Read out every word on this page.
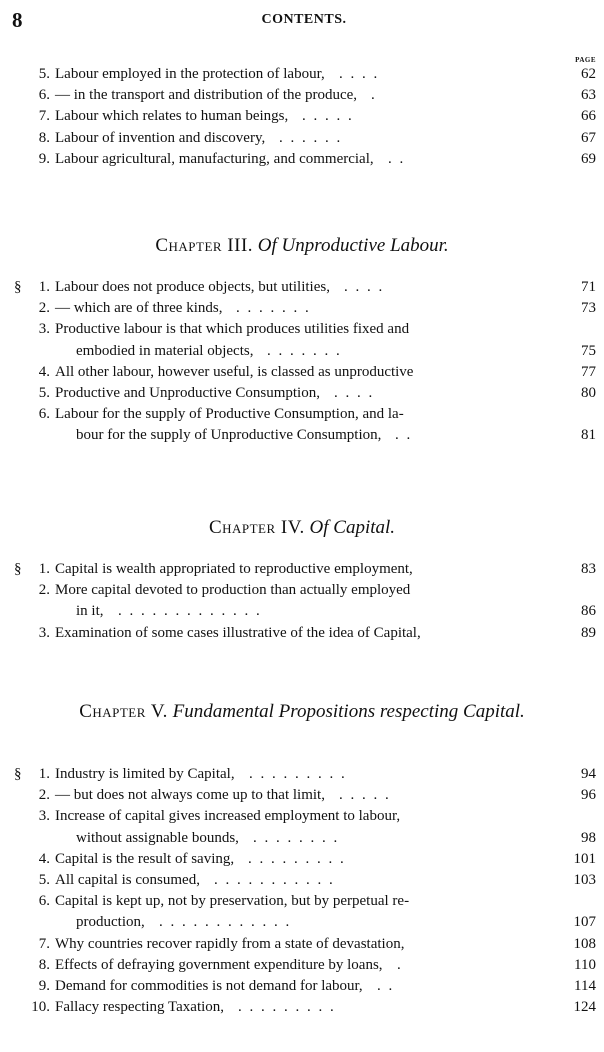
8	CONTENTS.
PAGE
5. Labour employed in the protection of labour, . . . .	62
6. — in the transport and distribution of the produce, .	63
7. Labour which relates to human beings, . . . . .	66
8. Labour of invention and discovery, . . . . . .	67
9. Labour agricultural, manufacturing, and commercial, . .	69
Chapter III. Of Unproductive Labour.
§	1. Labour does not produce objects, but utilities, . . . .	71
2. — which are of three kinds, . . . . . . .	73
3. Productive labour is that which produces utilities fixed and
embodied in material objects, . . . . . . .	75
4. All other labour, however useful, is classed as unproductive	77
5. Productive and Unproductive Consumption, . . . .	80
6. Labour for the supply of Productive Consumption, and la-
bour for the supply of Unproductive Consumption, . .	81
Chapter IV. Of Capital.
§	1. Capital is wealth appropriated to reproductive employment,	83
2. More capital devoted to production than actually employed
in it, . . . . . . . . . . . . .	86
3. Examination of some cases illustrative of the idea of Capital,	89
Chapter V. Fundamental Propositions respecting Capital.
§	1. Industry is limited by Capital, . . . . . . . . .	94
2. — but does not always come up to that limit, . . . . .	96
3. Increase of capital gives increased employment to labour,
without assignable bounds, . . . . . . . .	98
4. Capital is the result of saving, . . . . . . . . .	101
5. All capital is consumed, . . . . . . . . . . .	103
6. Capital is kept up, not by preservation, but by perpetual re-
production, . . . . . . . . . . . .	107
7. Why countries recover rapidly from a state of devastation,	108
8. Effects of defraying government expenditure by loans, .	110
9. Demand for commodities is not demand for labour, . .	114
10. Fallacy respecting Taxation, . . . . . . . . .	124
